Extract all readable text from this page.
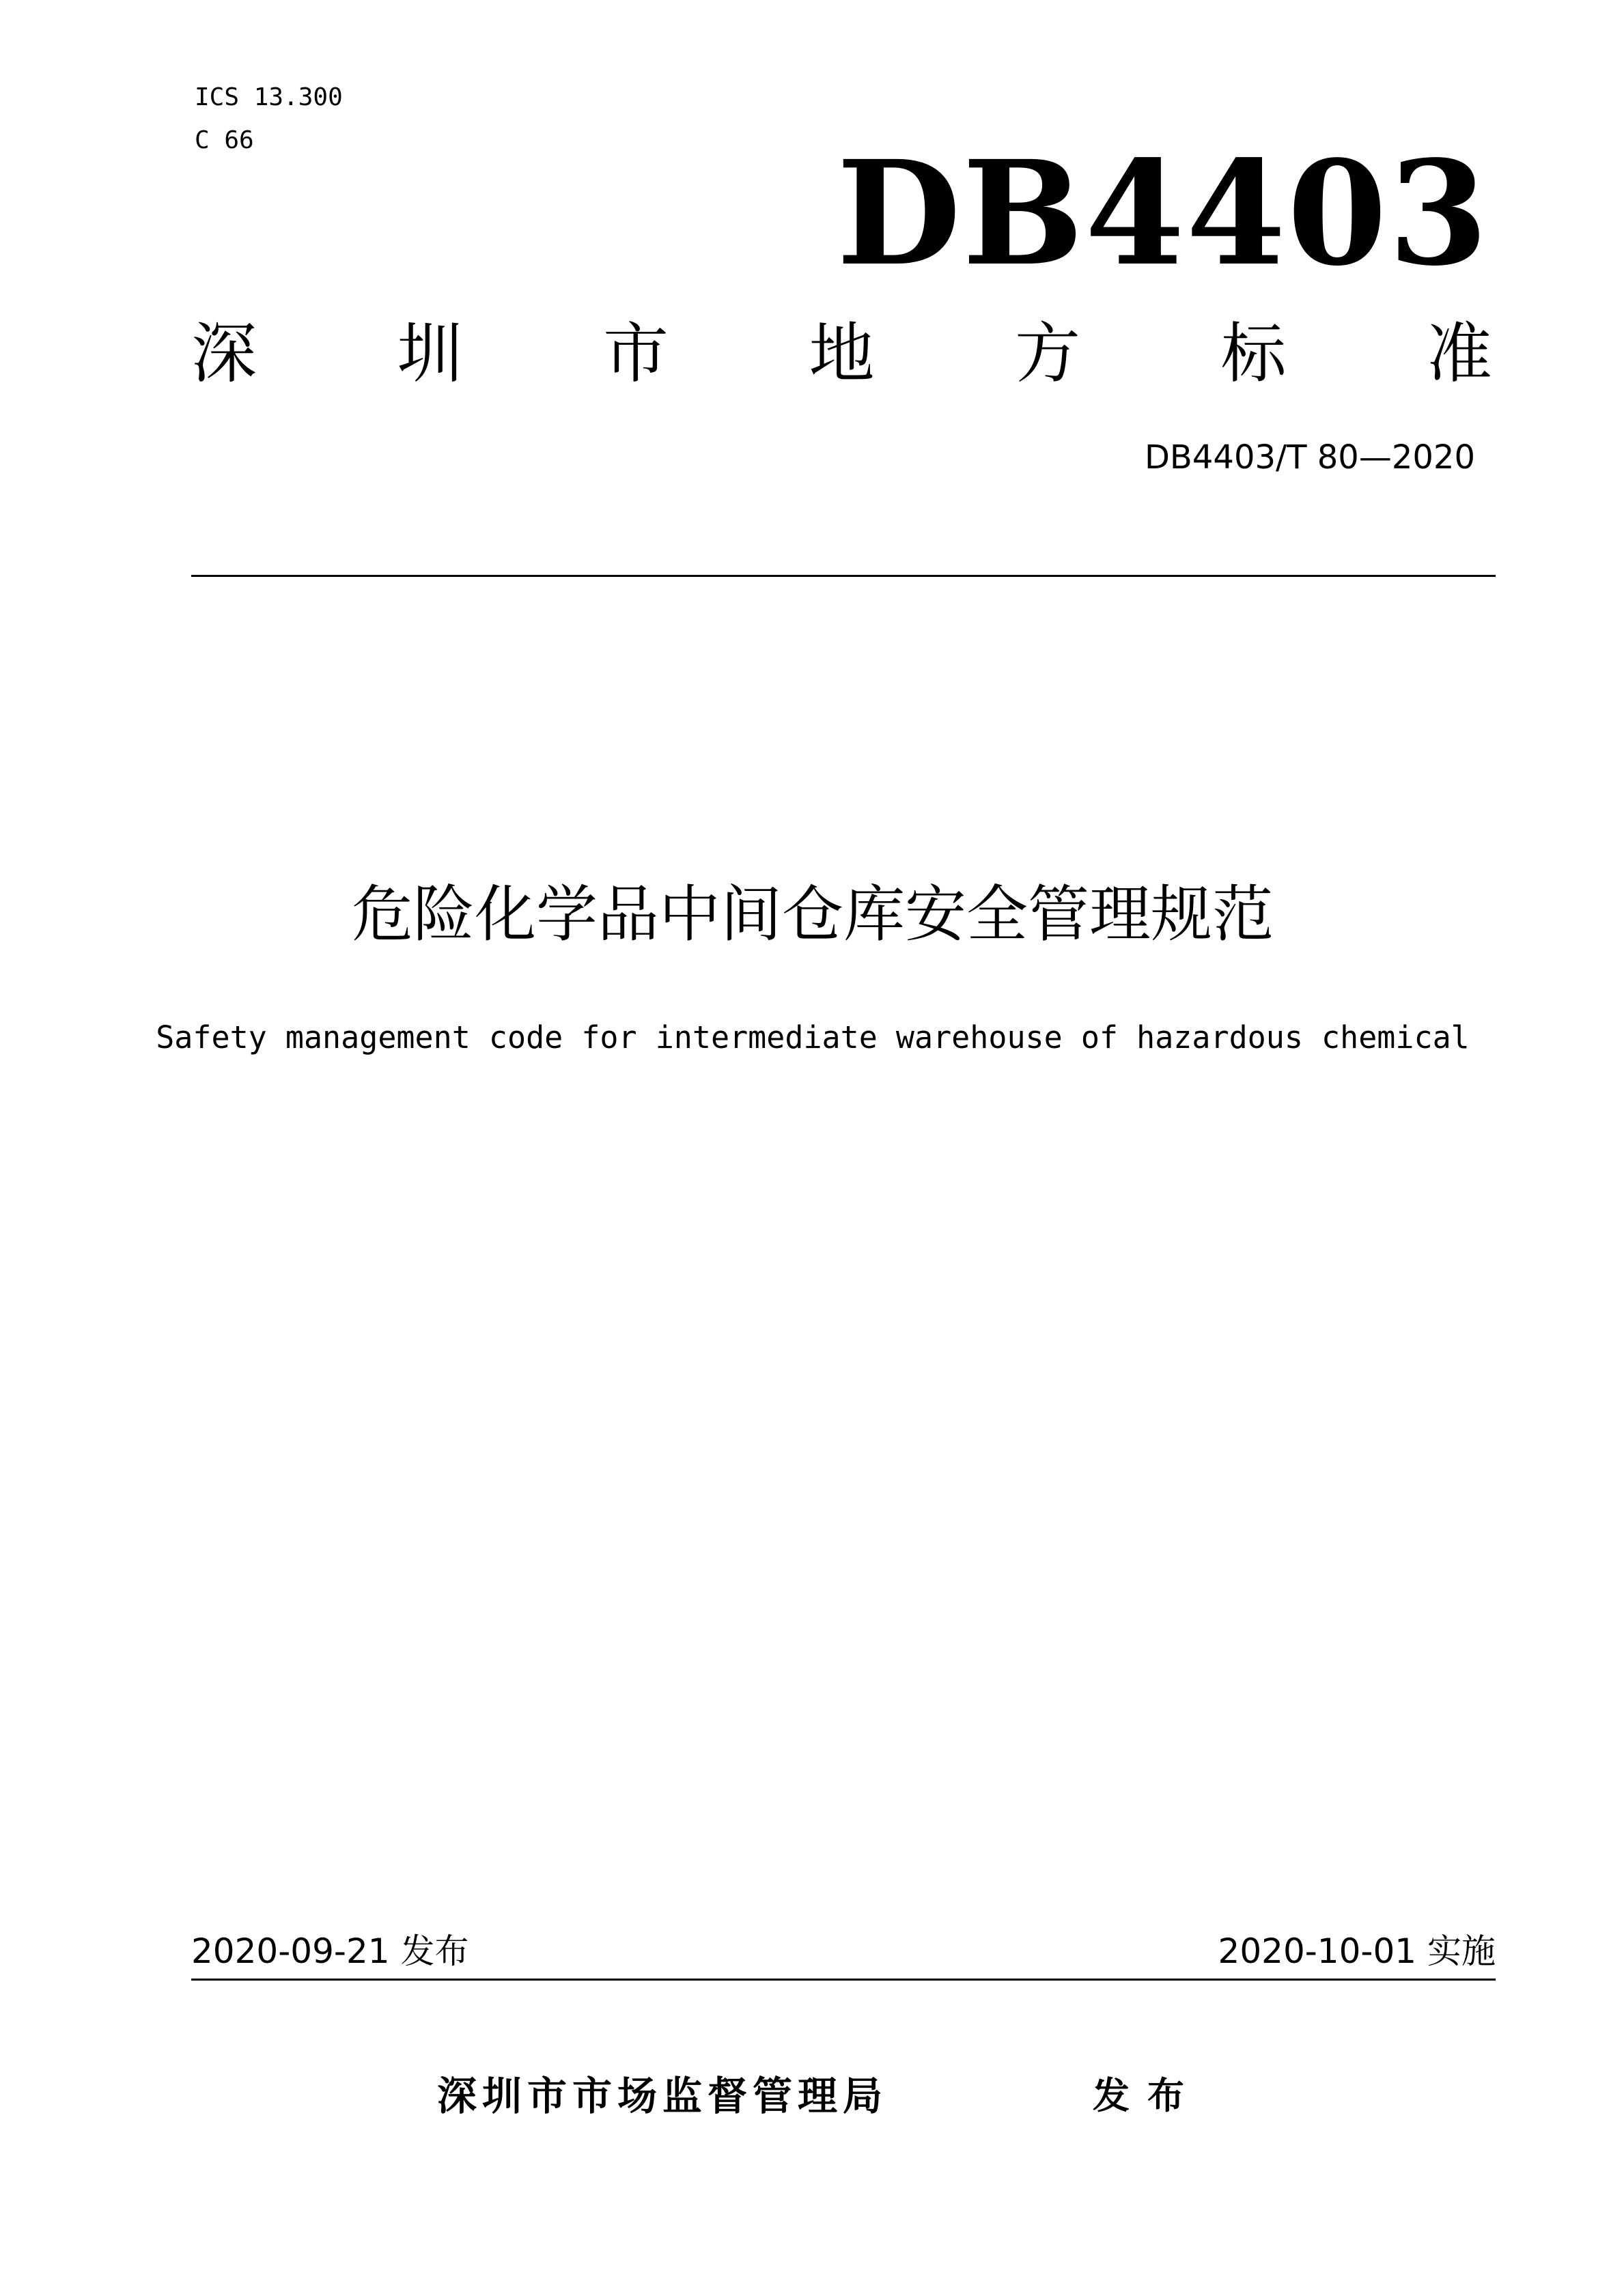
ICS 13.300
C 66	DB4403
深 圳 市 地 方 标 准
DB4403/T 80—2020
危险化学品中间仓库安全管理规范
Safety management code for intermediate warehouse of hazardous chemical
2020-09-21 发布	2020-10-01 实施
深圳市市场监督管理局	发布
